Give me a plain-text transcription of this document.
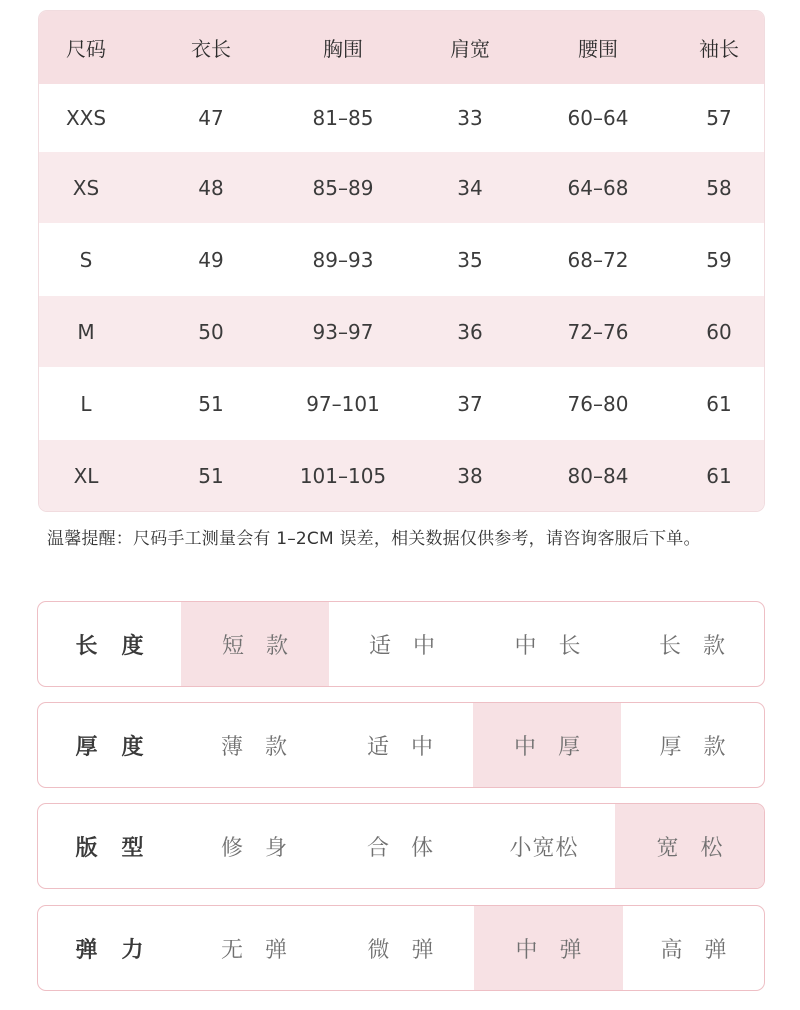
尺码	衣长	胸围	肩宽	腰围	袖长
XXS	47	81–85	33	60–64	57
XS	48	85–89	34	64–68	58
S	49	89–93	35	68–72	59
M	50	93–97	36	72–76	60
L	51	97–101	37	76–80	61
XL	51	101–105	38	80–84	61
温馨提醒：尺码手工测量会有 1–2CM 误差，相关数据仅供参考，请咨询客服后下单。
长度	短款	适中	中长	长款
厚度	薄款	适中	中厚	厚款
版型	修身	合体	小宽松	宽松
弹力	无弹	微弹	中弹	高弹
